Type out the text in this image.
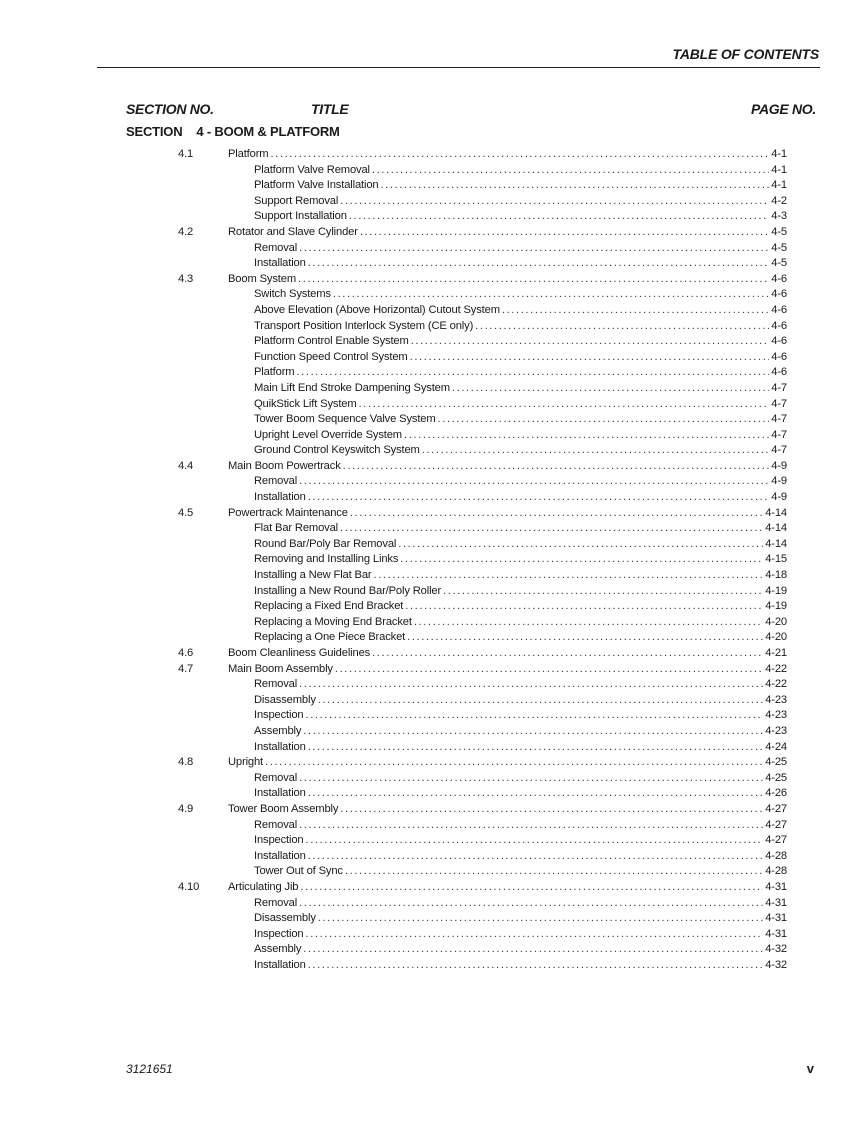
TABLE OF CONTENTS
SECTION NO.	TITLE	PAGE NO.
SECTION 4 - BOOM & PLATFORM
4.1	Platform .....	4-1
Platform Valve Removal .....	4-1
Platform Valve Installation .....	4-1
Support Removal .....	4-2
Support Installation .....	4-3
4.2	Rotator and Slave Cylinder .....	4-5
Removal .....	4-5
Installation .....	4-5
4.3	Boom System .....	4-6
Switch Systems .....	4-6
Above Elevation (Above Horizontal) Cutout System .....	4-6
Transport Position Interlock System (CE only) .....	4-6
Platform Control Enable System .....	4-6
Function Speed Control System .....	4-6
Platform .....	4-6
Main Lift End Stroke Dampening System .....	4-7
QuikStick Lift System .....	4-7
Tower Boom Sequence Valve System .....	4-7
Upright Level Override System .....	4-7
Ground Control Keyswitch System .....	4-7
4.4	Main Boom Powertrack .....	4-9
Removal .....	4-9
Installation .....	4-9
4.5	Powertrack Maintenance .....	4-14
Flat Bar Removal .....	4-14
Round Bar/Poly Bar Removal .....	4-14
Removing and Installing Links .....	4-15
Installing a New Flat Bar .....	4-18
Installing a New Round Bar/Poly Roller .....	4-19
Replacing a Fixed End Bracket .....	4-19
Replacing a Moving End Bracket .....	4-20
Replacing a One Piece Bracket .....	4-20
4.6	Boom Cleanliness Guidelines .....	4-21
4.7	Main Boom Assembly .....	4-22
Removal .....	4-22
Disassembly .....	4-23
Inspection .....	4-23
Assembly .....	4-23
Installation .....	4-24
4.8	Upright .....	4-25
Removal .....	4-25
Installation .....	4-26
4.9	Tower Boom Assembly .....	4-27
Removal .....	4-27
Inspection .....	4-27
Installation .....	4-28
Tower Out of Sync .....	4-28
4.10	Articulating Jib .....	4-31
Removal .....	4-31
Disassembly .....	4-31
Inspection .....	4-31
Assembly .....	4-32
Installation .....	4-32
3121651	v
